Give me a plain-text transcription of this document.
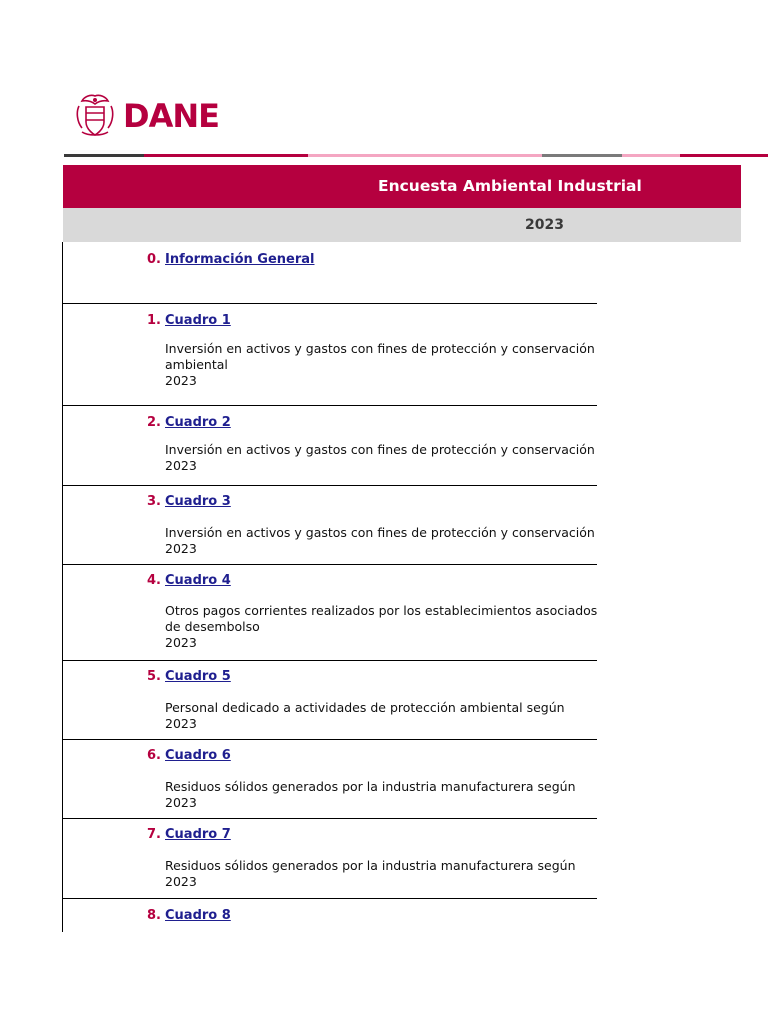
DANE
Encuesta Ambiental Industrial
2023
0. Información General
1. Cuadro 1
Inversión en activos y gastos con fines de protección y conservación
ambiental
2023
2. Cuadro 2
Inversión en activos y gastos con fines de protección y conservación
2023
3. Cuadro 3
Inversión en activos y gastos con fines de protección y conservación
2023
4. Cuadro 4
Otros pagos corrientes realizados por los establecimientos asociados
de desembolso
2023
5. Cuadro 5
Personal dedicado a actividades de protección ambiental según
2023
6. Cuadro 6
Residuos sólidos generados por la industria manufacturera según
2023
7. Cuadro 7
Residuos sólidos generados por la industria manufacturera según
2023
8. Cuadro 8
